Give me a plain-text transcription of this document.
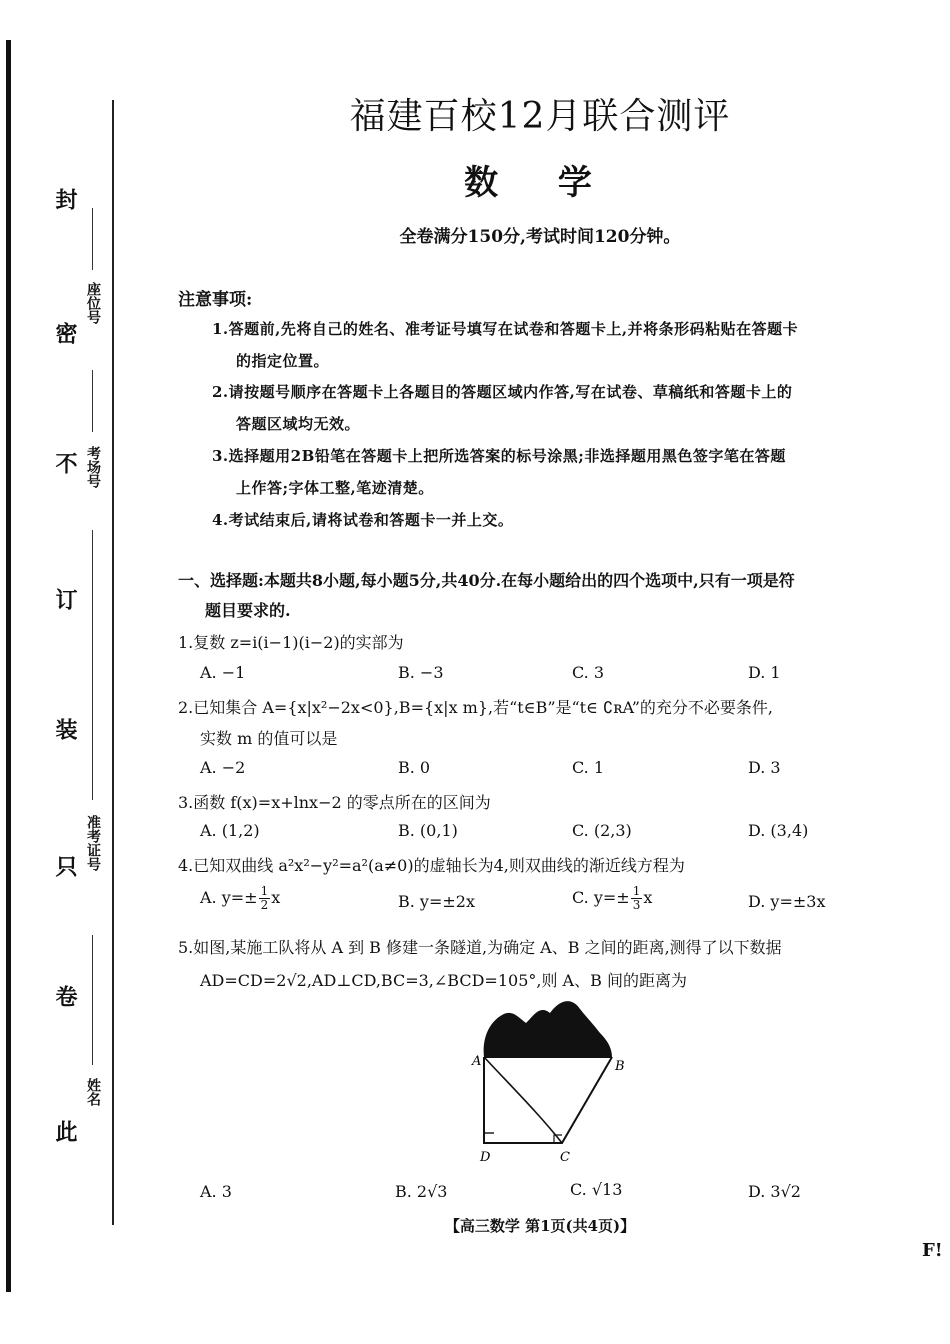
封
密
不
订
装
只
卷
此
座位号
考场号
准考证号
姓名
福建百校12月联合测评
数 学
全卷满分150分,考试时间120分钟。
注意事项:
1.答题前,先将自己的姓名、准考证号填写在试卷和答题卡上,并将条形码粘贴在答题卡
的指定位置。
2.请按题号顺序在答题卡上各题目的答题区域内作答,写在试卷、草稿纸和答题卡上的
答题区域均无效。
3.选择题用2B铅笔在答题卡上把所选答案的标号涂黑;非选择题用黑色签字笔在答题
上作答;字体工整,笔迹清楚。
4.考试结束后,请将试卷和答题卡一并上交。
一、选择题:本题共8小题,每小题5分,共40分.在每小题给出的四个选项中,只有一项是符
题目要求的.
1.复数 z=i(i−1)(i−2)的实部为
A. −1	B. −3	C. 3	D. 1
2.已知集合 A={x|x²−2x<0},B={x|x m},若“t∈B”是“t∈ ∁ʀA”的充分不必要条件,
实数 m 的值可以是
A. −2	B. 0	C. 1	D. 3
3.函数 f(x)=x+lnx−2 的零点所在的区间为
A. (1,2)	B. (0,1)	C. (2,3)	D. (3,4)
4.已知双曲线 a²x²−y²=a²(a≠0)的虚轴长为4,则双曲线的渐近线方程为
A. $y=\pm \frac{1}{2}$ x	B. y=±2x	C. $y=\pm \frac{1}{3}$ x	D. y=±3x
5.如图,某施工队将从 A 到 B 修建一条隧道,为确定 A、B 之间的距离,测得了以下数据
AD=CD=2√2,AD⊥CD,BC=3,∠BCD=105°,则 A、B 间的距离为
A	B
D	C
A. 3	B. 2√3	C. √13	D. 3√2
【高三数学 第1页(共4页)】
F!
